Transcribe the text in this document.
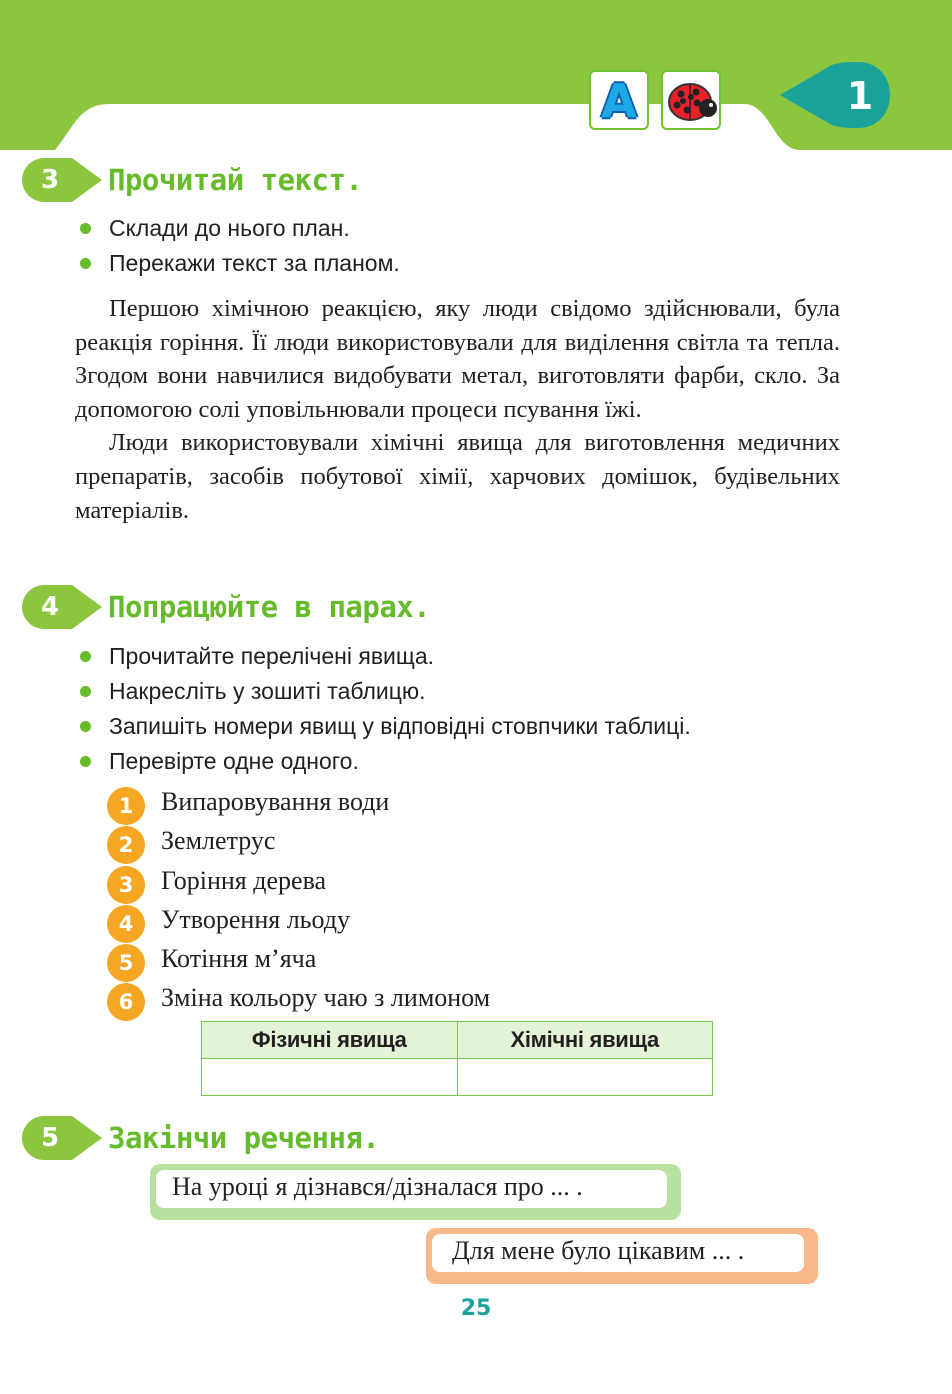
A	1
3	Прочитай текст.
Склади до нього план.
Перекажи текст за планом.

Першою хімічною реакцією, яку люди свідомо здійснювали, була реакція горіння. Її люди використовували для виділення світла та тепла. Згодом вони навчилися видобувати метал, виготовляти фарби, скло. За допомогою солі уповільнювали процеси псування їжі.

Люди використовували хімічні явища для виготовлення медичних препаратів, засобів побутової хімії, харчових домішок, будівельних матеріалів.

4	Попрацюйте в парах.
Прочитайте перелічені явища.
Накресліть у зошиті таблицю.
Запишіть номери явищ у відповідні стовпчики таблиці.
Перевірте одне одного.
1	Випаровування води
2	Землетрус
3	Горіння дерева
4	Утворення льоду
5	Котіння м’яча
6	Зміна кольору чаю з лимоном
Фізичні явища	Хімічні явища

5	Закінчи речення.
На уроці я дізнався/дізналася про ... .
Для мене було цікавим ... .
25
